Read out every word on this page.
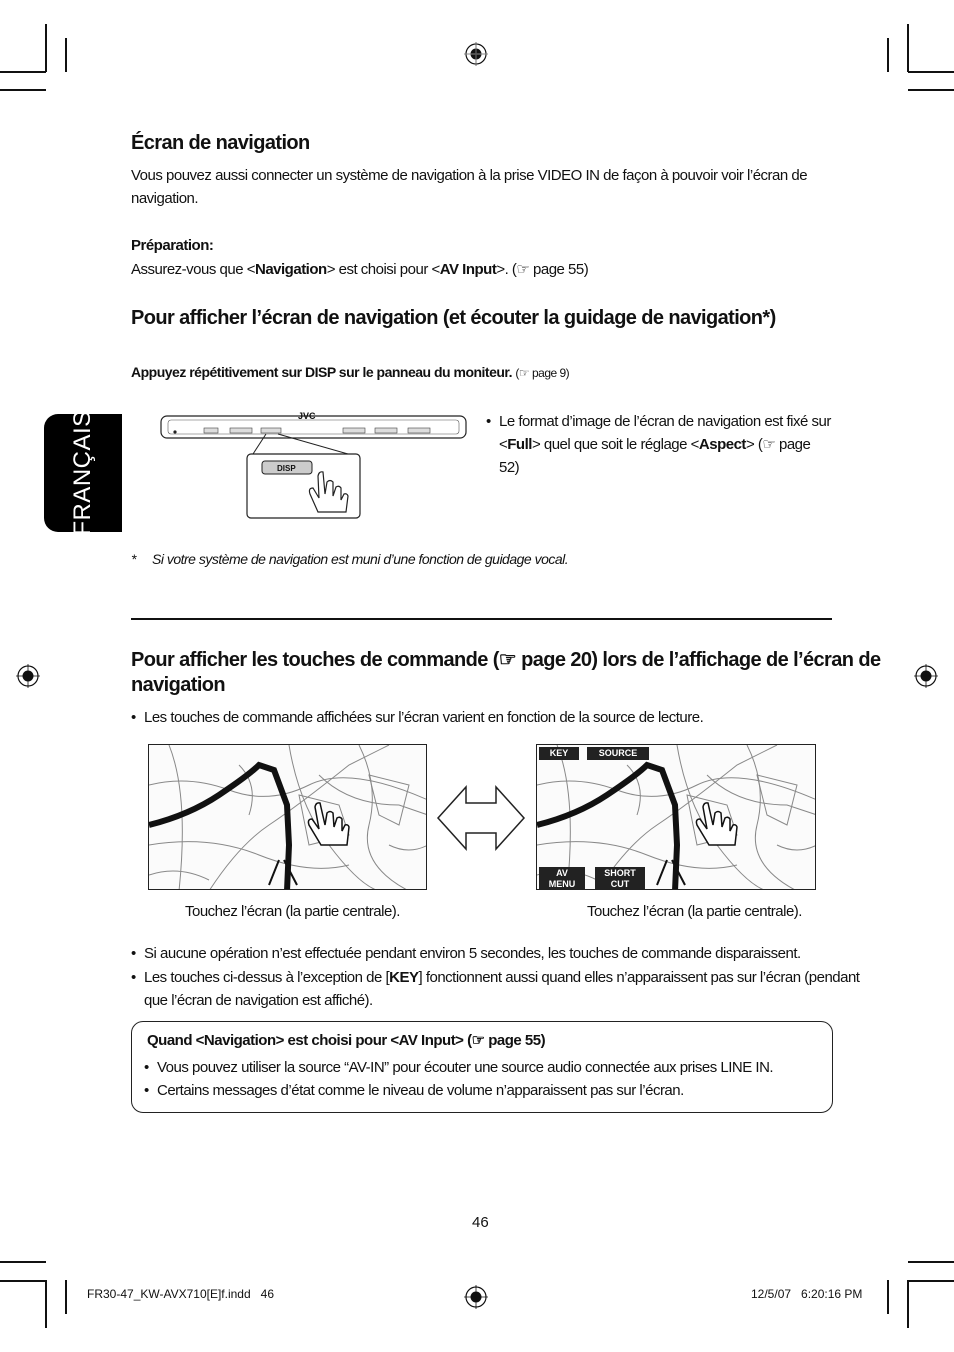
FRANÇAIS
Écran de navigation
Vous pouvez aussi connecter un système de navigation à la prise VIDEO IN de façon à pouvoir voir l’écran de
navigation.
Préparation:
Assurez-vous que <Navigation> est choisi pour <AV Input>. (☞ page 55)
Pour afficher l’écran de navigation (et écouter la guidage de navigation*)
Appuyez répétitivement sur DISP sur le panneau du moniteur. (☞ page 9)
JVC
DISP
• Le format d’image de l’écran de navigation est fixé sur
<Full> quel que soit le réglage <Aspect> (☞ page
52)
* Si votre système de navigation est muni d’une fonction de guidage vocal.
Pour afficher les touches de commande (☞ page 20) lors de l’affichage de l’écran de
navigation
• Les touches de commande affichées sur l’écran varient en fonction de la source de lecture.
KEY	SOURCE
AV
MENU
SHORT
CUT
Touchez l’écran (la partie centrale).	Touchez l’écran (la partie centrale).
• Si aucune opération n’est effectuée pendant environ 5 secondes, les touches de commande disparaissent.
• Les touches ci-dessus à l’exception de [KEY] fonctionnent aussi quand elles n’apparaissent pas sur l’écran (pendant
que l’écran de navigation est affiché).
Quand <Navigation> est choisi pour <AV Input> (☞ page 55)
• Vous pouvez utiliser la source “AV-IN” pour écouter une source audio connectée aux prises LINE IN.
• Certains messages d’état comme le niveau de volume n’apparaissent pas sur l’écran.
46
FR30-47_KW-AVX710[E]f.indd   46	12/5/07   6:20:16 PM
